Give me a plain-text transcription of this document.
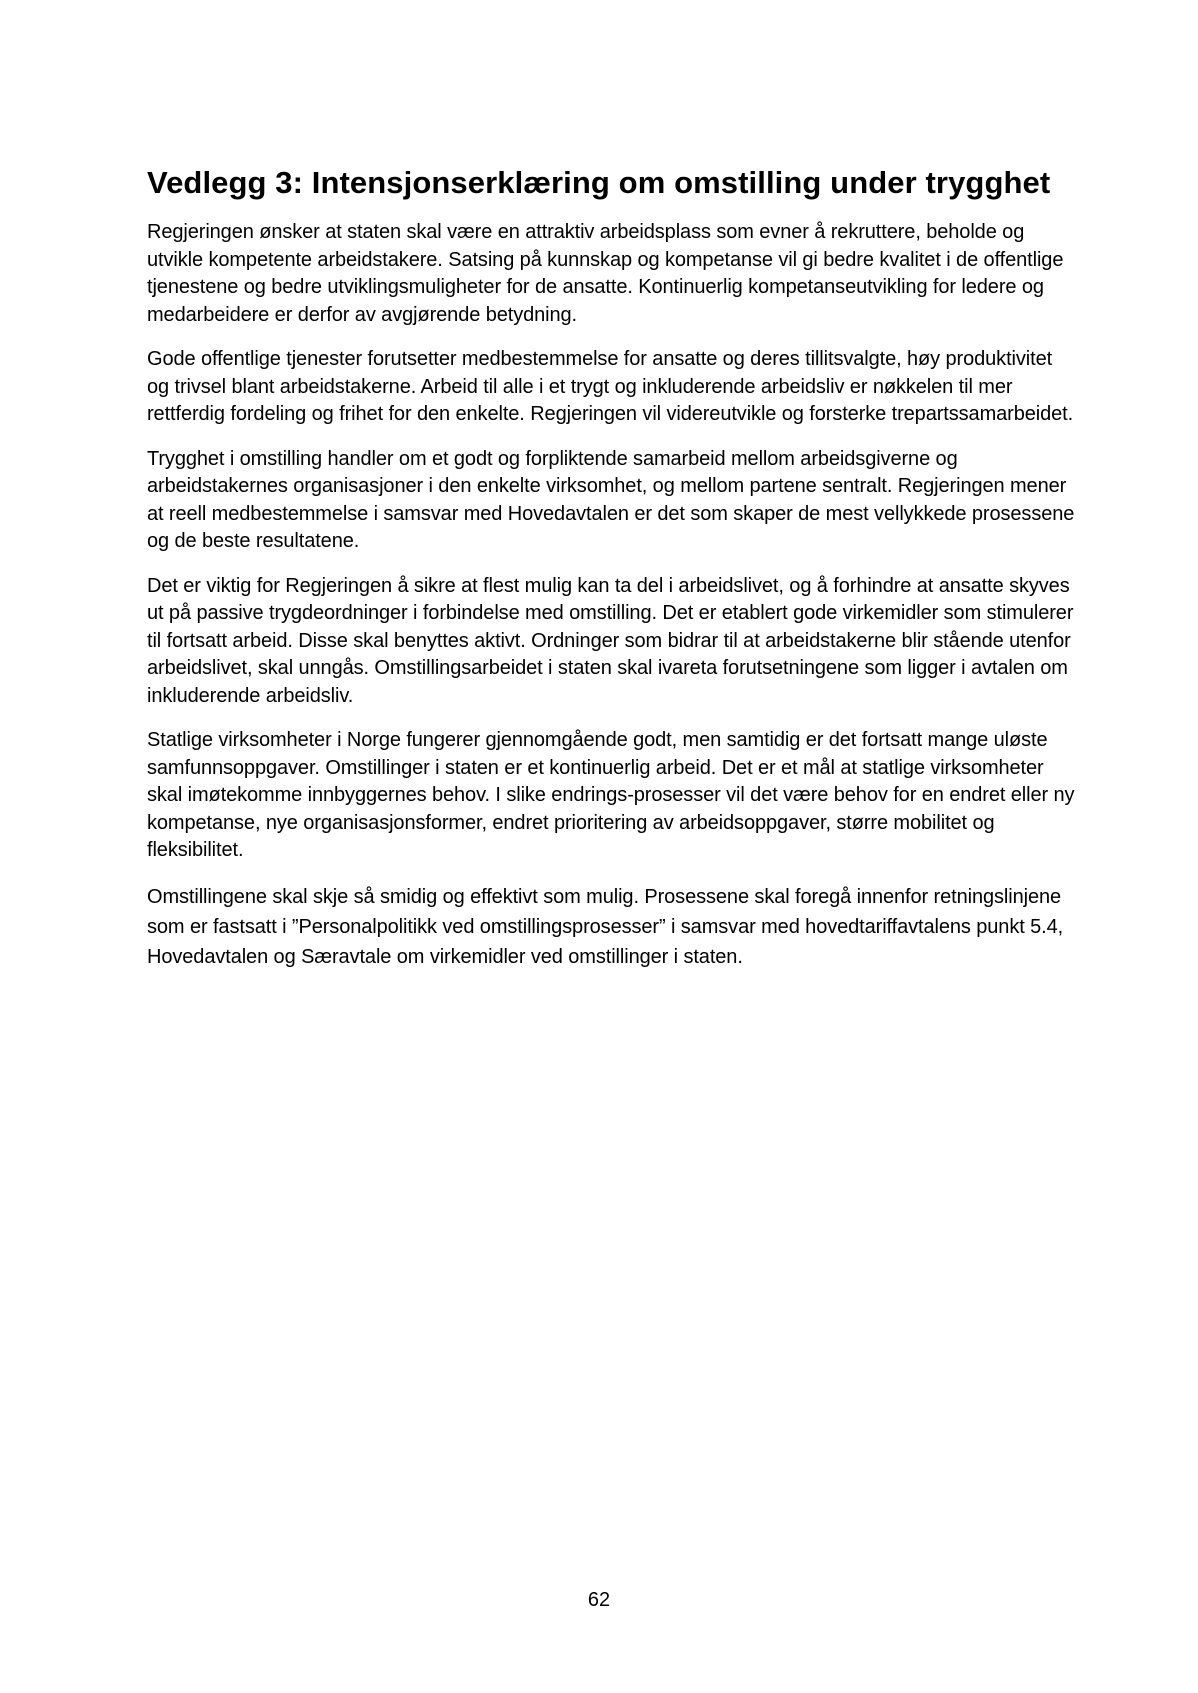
Vedlegg 3: Intensjonserklæring om omstilling under trygghet

Regjeringen ønsker at staten skal være en attraktiv arbeidsplass som evner å rekruttere, beholde og utvikle kompetente arbeidstakere. Satsing på kunnskap og kompetanse vil gi bedre kvalitet i de offentlige tjenestene og bedre utviklingsmuligheter for de ansatte. Kontinuerlig kompetanseutvikling for ledere og medarbeidere er derfor av avgjørende betydning.

Gode offentlige tjenester forutsetter medbestemmelse for ansatte og deres tillitsvalgte, høy produktivitet og trivsel blant arbeidstakerne. Arbeid til alle i et trygt og inkluderende arbeidsliv er nøkkelen til mer rettferdig fordeling og frihet for den enkelte. Regjeringen vil videreutvikle og forsterke trepartssamarbeidet.

Trygghet i omstilling handler om et godt og forpliktende samarbeid mellom arbeidsgiverne og arbeidstakernes organisasjoner i den enkelte virksomhet, og mellom partene sentralt. Regjeringen mener at reell medbestemmelse i samsvar med Hovedavtalen er det som skaper de mest vellykkede prosessene og de beste resultatene.

Det er viktig for Regjeringen å sikre at flest mulig kan ta del i arbeidslivet, og å forhindre at ansatte skyves ut på passive trygdeordninger i forbindelse med omstilling. Det er etablert gode virkemidler som stimulerer til fortsatt arbeid. Disse skal benyttes aktivt. Ordninger som bidrar til at arbeidstakerne blir stående utenfor arbeidslivet, skal unngås. Omstillingsarbeidet i staten skal ivareta forutsetningene som ligger i avtalen om inkluderende arbeidsliv.

Statlige virksomheter i Norge fungerer gjennomgående godt, men samtidig er det fortsatt mange uløste samfunnsoppgaver. Omstillinger i staten er et kontinuerlig arbeid. Det er et mål at statlige virksomheter skal imøtekomme innbyggernes behov. I slike endrings-prosesser vil det være behov for en endret eller ny kompetanse, nye organisasjonsformer, endret prioritering av arbeidsoppgaver, større mobilitet og fleksibilitet.

Omstillingene skal skje så smidig og effektivt som mulig. Prosessene skal foregå innenfor retningslinjene som er fastsatt i ”Personalpolitikk ved omstillingsprosesser” i samsvar med hovedtariffavtalens punkt 5.4, Hovedavtalen og Særavtale om virkemidler ved omstillinger i staten.

62
